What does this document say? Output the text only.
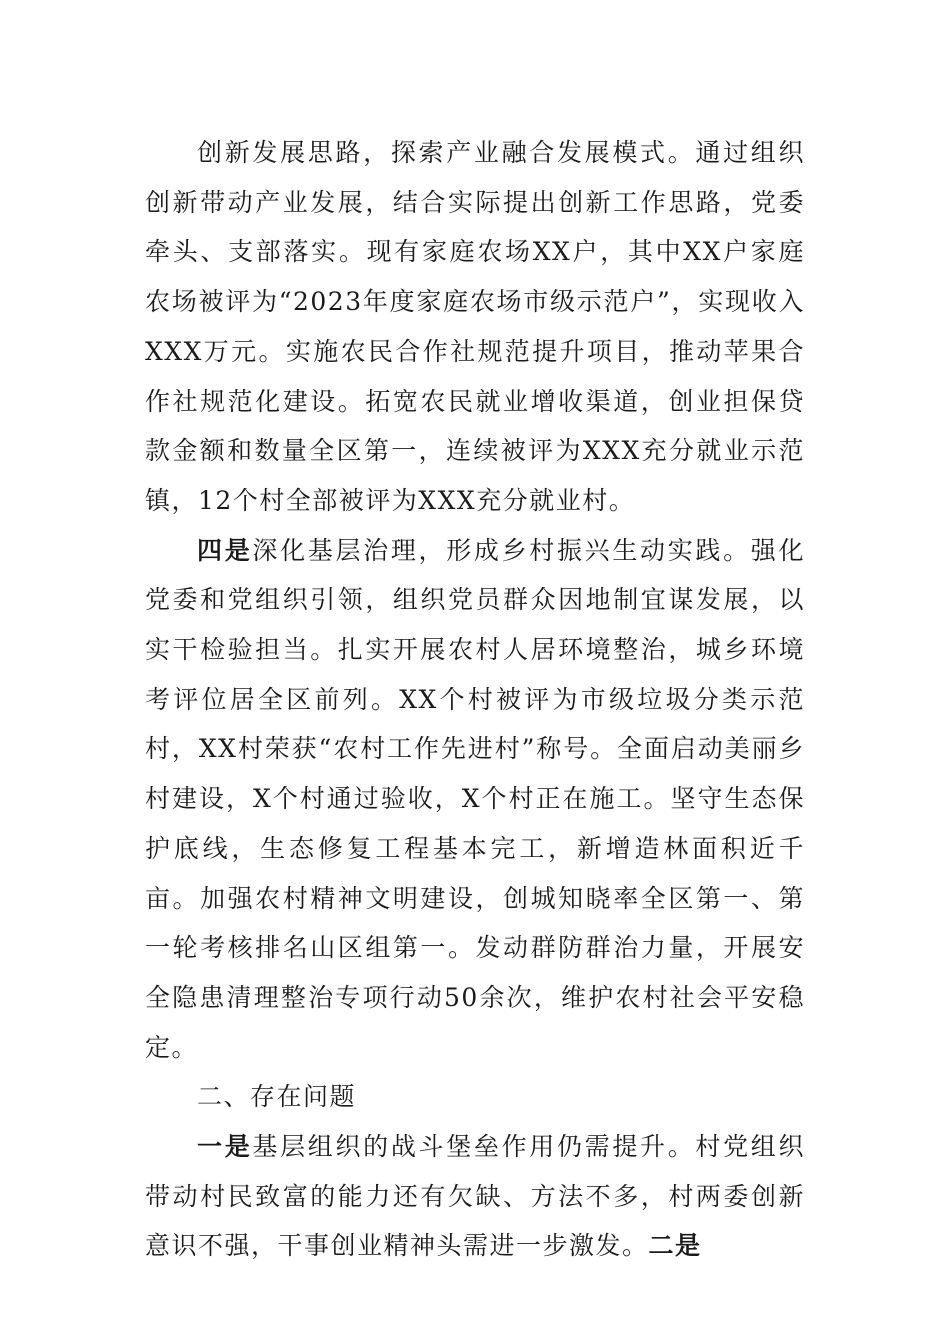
创新发展思路，探索产业融合发展模式。通过组织创新带动产业发展，结合实际提出创新工作思路，党委牵头、支部落实。现有家庭农场XX户，其中XX户家庭农场被评为“2023年度家庭农场市级示范户”，实现收入XXX万元。实施农民合作社规范提升项目，推动苹果合作社规范化建设。拓宽农民就业增收渠道，创业担保贷款金额和数量全区第一，连续被评为XXX充分就业示范镇，12个村全部被评为XXX充分就业村。

四是深化基层治理，形成乡村振兴生动实践。强化党委和党组织引领，组织党员群众因地制宜谋发展，以实干检验担当。扎实开展农村人居环境整治，城乡环境考评位居全区前列。XX个村被评为市级垃圾分类示范村，XX村荣获“农村工作先进村”称号。全面启动美丽乡村建设，X个村通过验收，X个村正在施工。坚守生态保护底线，生态修复工程基本完工，新增造林面积近千亩。加强农村精神文明建设，创城知晓率全区第一、第一轮考核排名山区组第一。发动群防群治力量，开展安全隐患清理整治专项行动50余次，维护农村社会平安稳定。

二、存在问题

一是基层组织的战斗堡垒作用仍需提升。村党组织带动村民致富的能力还有欠缺、方法不多，村两委创新意识不强，干事创业精神头需进一步激发。二是
